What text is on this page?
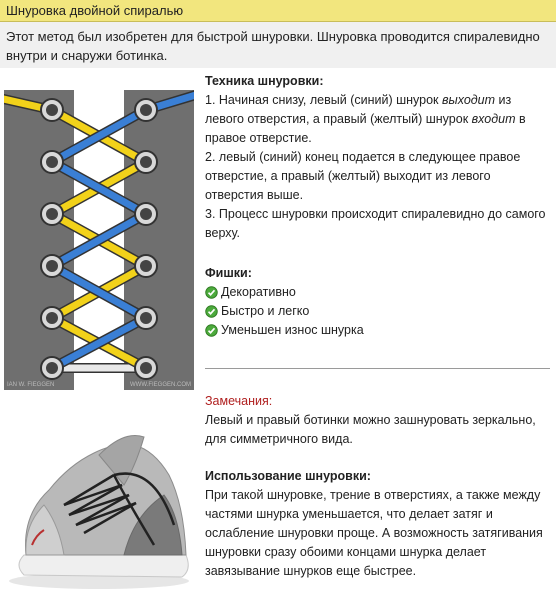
Шнуровка двойной спиралью
Этот метод был изобретен для быстрой шнуровки. Шнуровка проводится спиралевидно внутри и снаружи ботинка.
IAN W. FIEGGEN	WWW.FIEGGEN.COM
Техника шнуровки:
1. Начиная снизу, левый (синий) шнурок выходит из левого отверстия, а правый (желтый) шнурок входит в правое отверстие.
2. левый (синий) конец подается в следующее правое отверстие, а правый (желтый) выходит из левого отверстия выше.
3. Процесс шнуровки происходит спиралевидно до самого верху.
Фишки:
Декоративно
Быстро и легко
Уменьшен износ шнурка
Замечания:
Левый и правый ботинки можно зашнуровать зеркально, для симметричного вида.
Использование шнуровки:
При такой шнуровке, трение в отверстиях, а также между частями шнурка уменьшается, что делает затяг и ослабление шнуровки проще. А возможность затягивания шнуровки сразу обоими концами шнурка делает завязывание шнурков еще быстрее.
